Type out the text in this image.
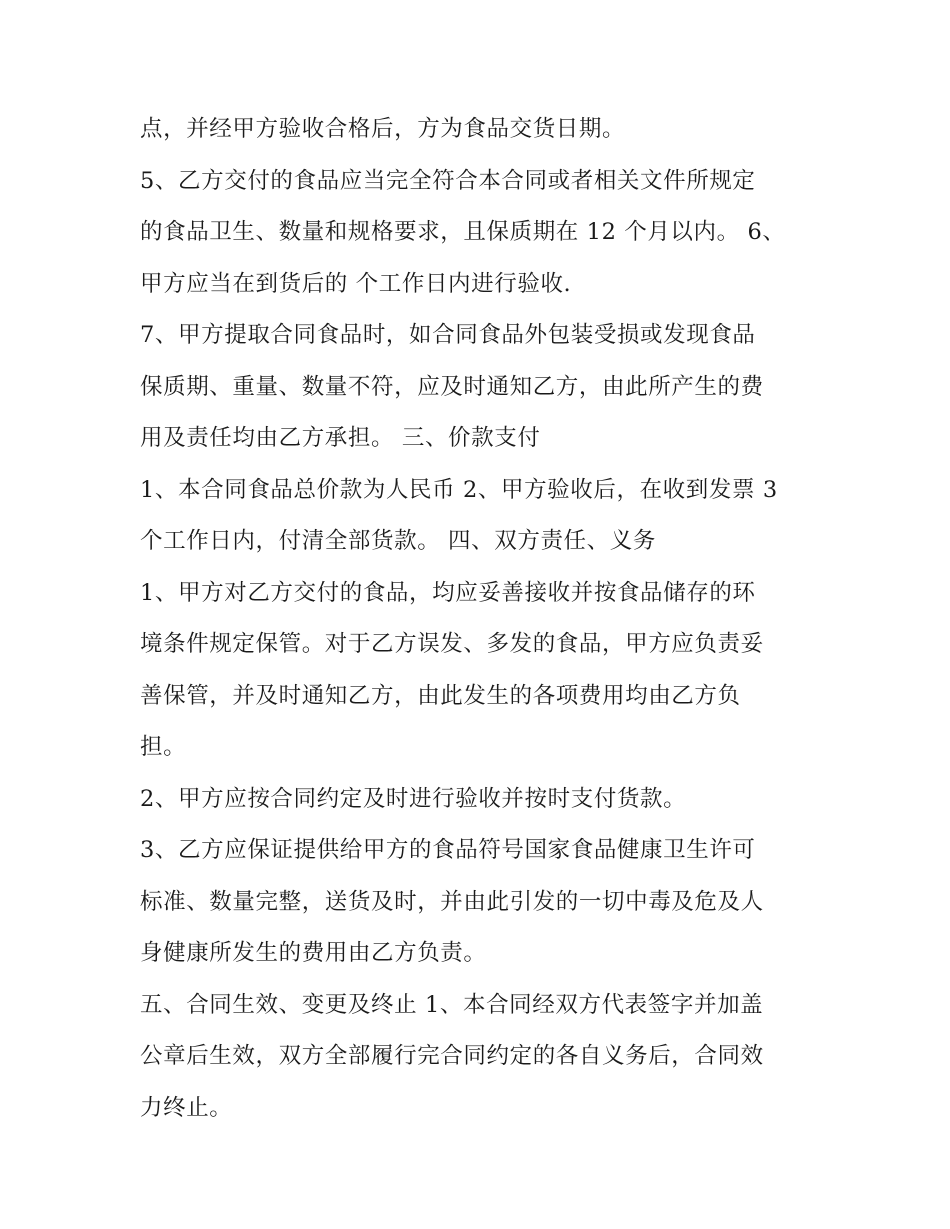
点，并经甲方验收合格后，方为食品交货日期。
5、乙方交付的食品应当完全符合本合同或者相关文件所规定
的食品卫生、数量和规格要求，且保质期在 12 个月以内。 6、
甲方应当在到货后的 个工作日内进行验收.
7、甲方提取合同食品时，如合同食品外包装受损或发现食品
保质期、重量、数量不符，应及时通知乙方，由此所产生的费
用及责任均由乙方承担。 三、价款支付
1、本合同食品总价款为人民币 2、甲方验收后，在收到发票 3
个工作日内，付清全部货款。 四、双方责任、义务
1、甲方对乙方交付的食品，均应妥善接收并按食品储存的环
境条件规定保管。对于乙方误发、多发的食品，甲方应负责妥
善保管，并及时通知乙方，由此发生的各项费用均由乙方负
担。
2、甲方应按合同约定及时进行验收并按时支付货款。
3、乙方应保证提供给甲方的食品符号国家食品健康卫生许可
标准、数量完整，送货及时，并由此引发的一切中毒及危及人
身健康所发生的费用由乙方负责。
五、合同生效、变更及终止 1、本合同经双方代表签字并加盖
公章后生效，双方全部履行完合同约定的各自义务后，合同效
力终止。
